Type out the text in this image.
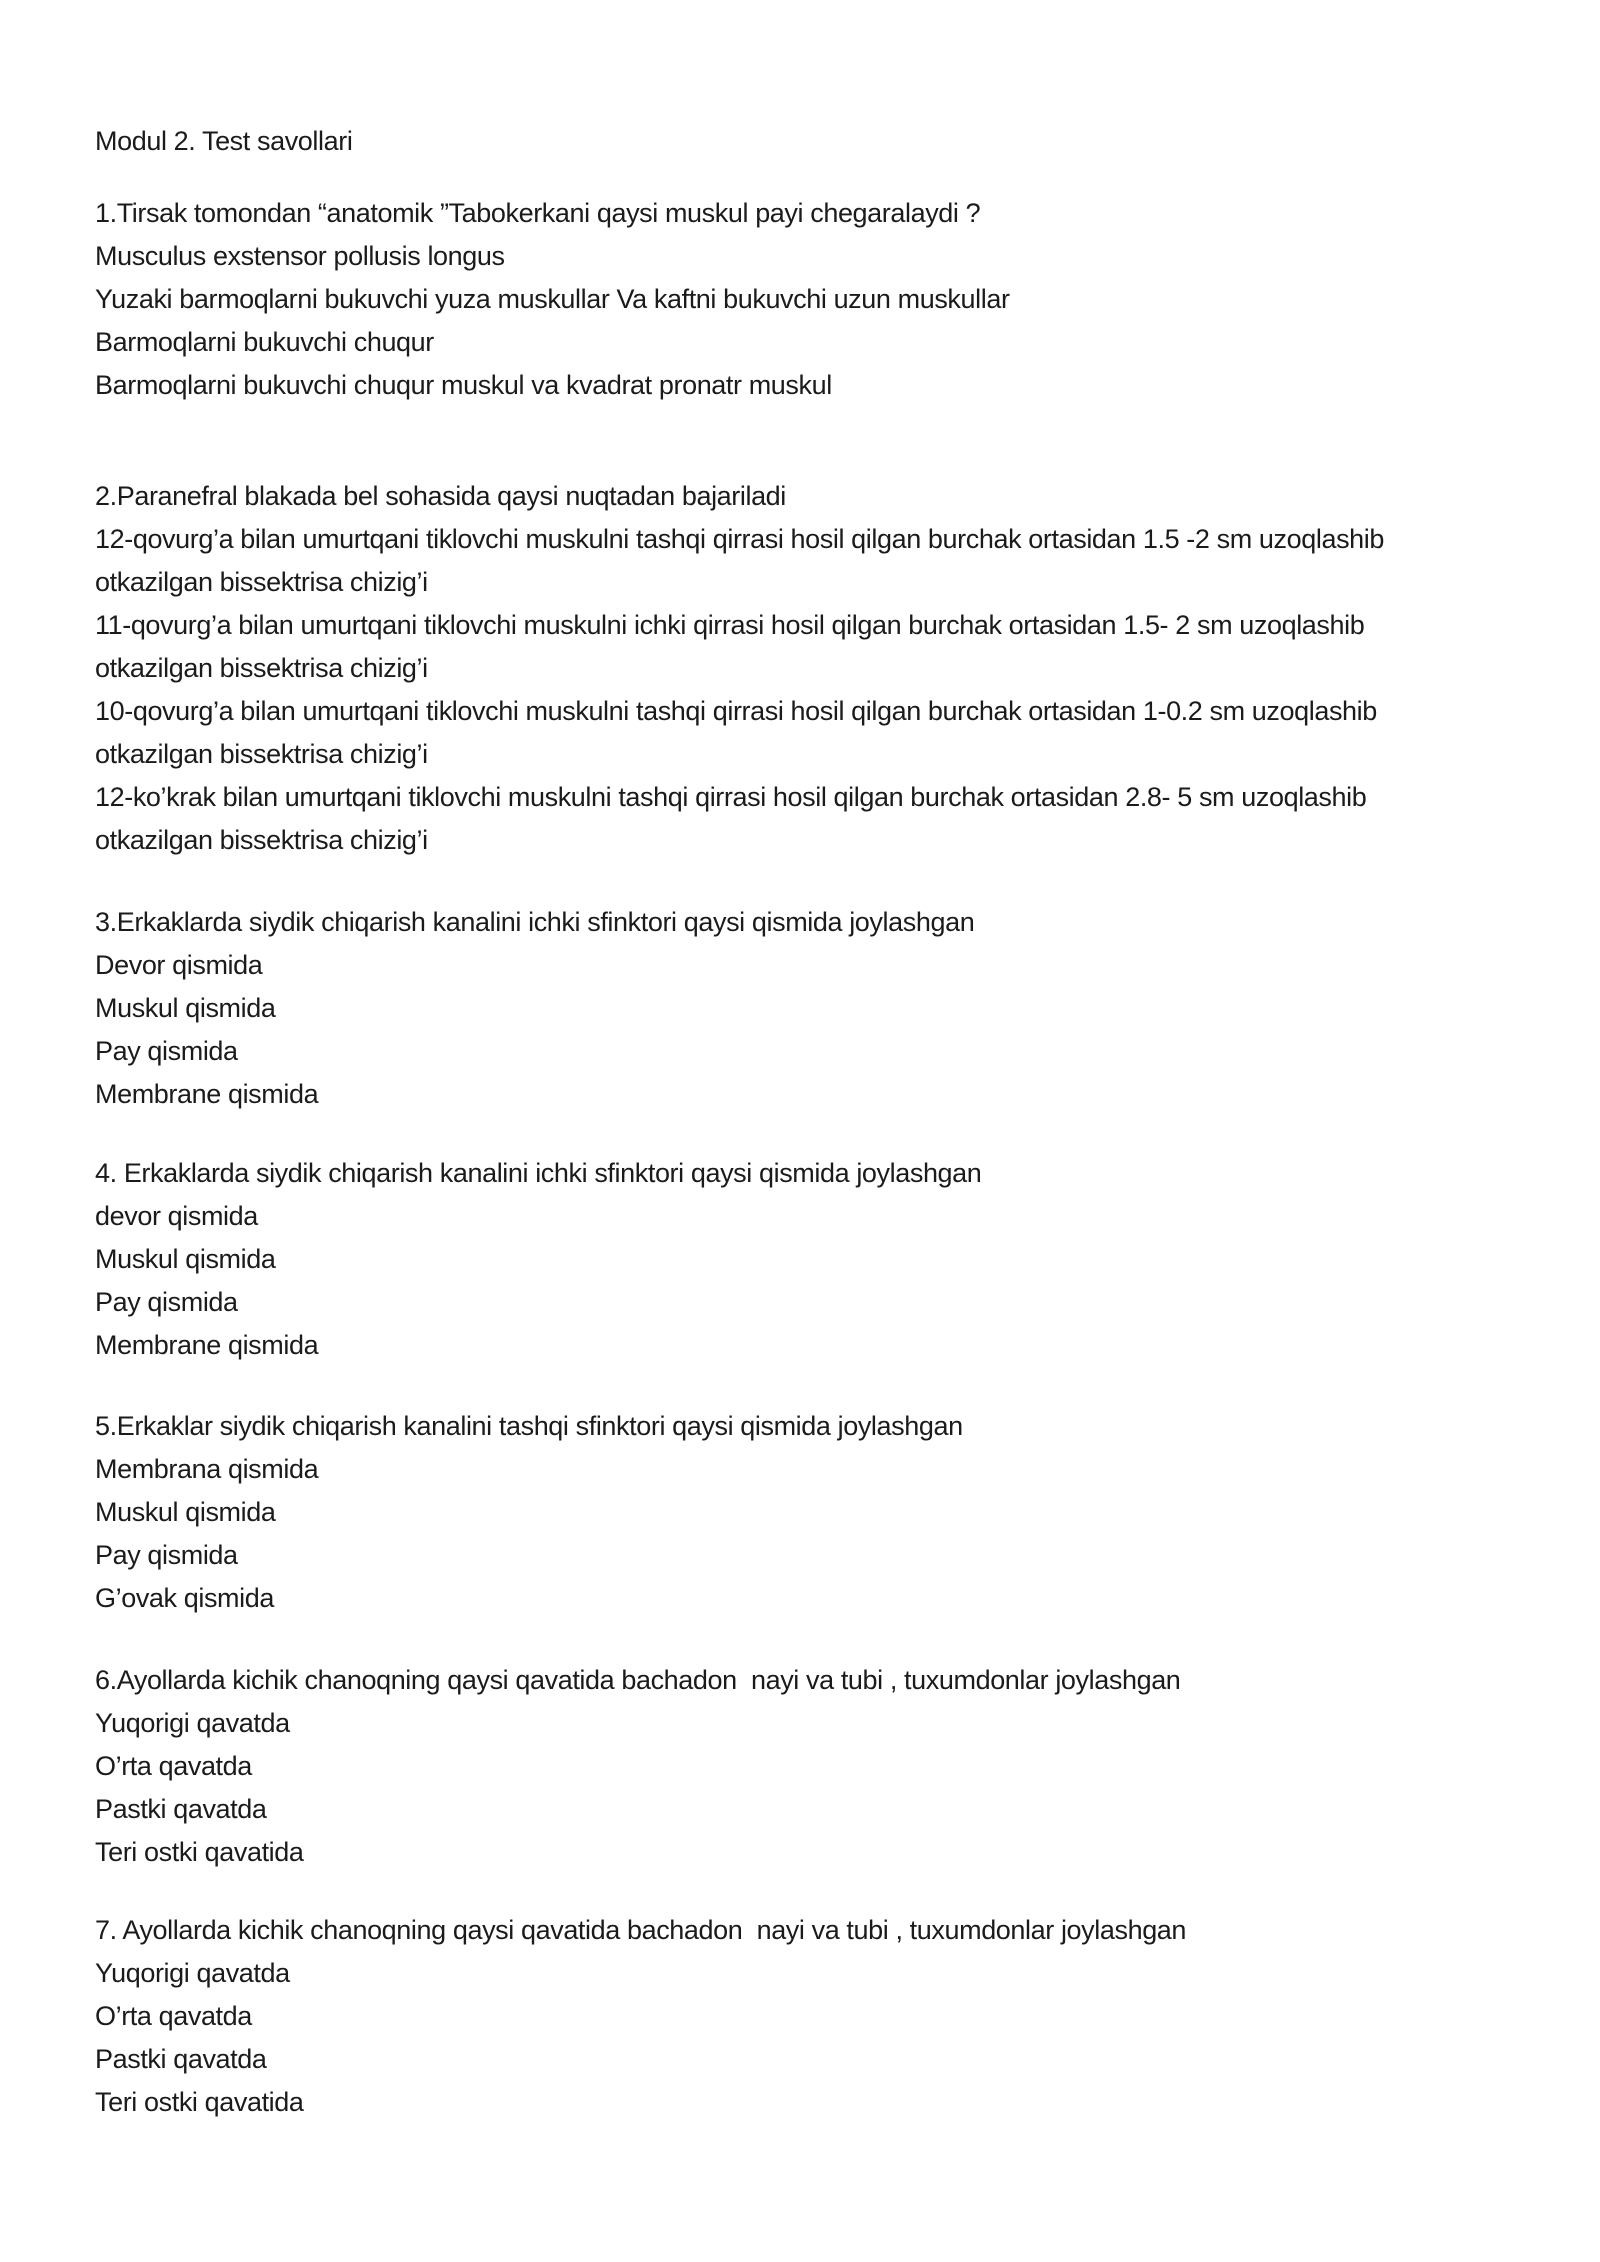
Modul 2. Test savollari
1.Tirsak tomondan “anatomik ”Tabokerkani qaysi muskul payi chegaralaydi ?
Musculus exstensor pollusis longus
Yuzaki barmoqlarni bukuvchi yuza muskullar Va kaftni bukuvchi uzun muskullar
Barmoqlarni bukuvchi chuqur
Barmoqlarni bukuvchi chuqur muskul va kvadrat pronatr muskul
2.Paranefral blakada bel sohasida qaysi nuqtadan bajariladi
12-qovurg’a bilan umurtqani tiklovchi muskulni tashqi qirrasi hosil qilgan burchak ortasidan 1.5 -2 sm uzoqlashib
otkazilgan bissektrisa chizig’i
11-qovurg’a bilan umurtqani tiklovchi muskulni ichki qirrasi hosil qilgan burchak ortasidan 1.5- 2 sm uzoqlashib
otkazilgan bissektrisa chizig’i
10-qovurg’a bilan umurtqani tiklovchi muskulni tashqi qirrasi hosil qilgan burchak ortasidan 1-0.2 sm uzoqlashib
otkazilgan bissektrisa chizig’i
12-ko’krak bilan umurtqani tiklovchi muskulni tashqi qirrasi hosil qilgan burchak ortasidan 2.8- 5 sm uzoqlashib
otkazilgan bissektrisa chizig’i
3.Erkaklarda siydik chiqarish kanalini ichki sfinktori qaysi qismida joylashgan
Devor qismida
Muskul qismida
Pay qismida
Membrane qismida
4. Erkaklarda siydik chiqarish kanalini ichki sfinktori qaysi qismida joylashgan
devor qismida
Muskul qismida
Pay qismida
Membrane qismida
5.Erkaklar siydik chiqarish kanalini tashqi sfinktori qaysi qismida joylashgan
Membrana qismida
Muskul qismida
Pay qismida
G’ovak qismida
6.Ayollarda kichik chanoqning qaysi qavatida bachadon  nayi va tubi , tuxumdonlar joylashgan
Yuqorigi qavatda
O’rta qavatda
Pastki qavatda
Teri ostki qavatida
7. Ayollarda kichik chanoqning qaysi qavatida bachadon  nayi va tubi , tuxumdonlar joylashgan
Yuqorigi qavatda
O’rta qavatda
Pastki qavatda
Teri ostki qavatida
